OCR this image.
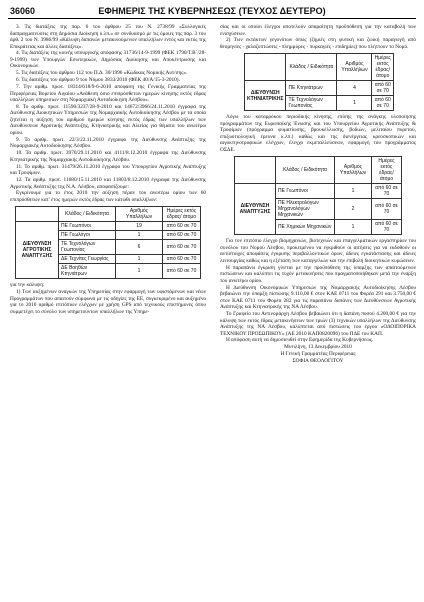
36060	ΕΦΗΜΕΡΙΣ ΤΗΣ ΚΥΒΕΡΝΗΣΕΩΣ (ΤΕΥΧΟΣ ΔΕΥΤΕΡΟ)

3. Τις διατάξεις της παρ. 6 του άρθρου 25 του Ν. 2738/99 «Συλλογικές διαπραγματεύσεις στη Δημόσια Διοίκηση κ.λπ.» σε συνδυασμό με τις όμοιες της παρ. 3 του άρθ. 2 του Ν. 3986/99 «Κάλυψη δαπανών μετακινούμενων υπαλλήλων εντός και εκτός της Επικράτειας και άλλες διατάξεις».

4. Τις διατάξεις της κοινής υπουργικής απόφασης 31736/14-9-1999 (ΦΕΚ 1790/Τ.Β΄/28-9-1999) των Υπουργών Εσωτερικών, Δημόσιας Διοίκησης και Αποκέντρωσης και Οικονομικών.

5. Τις διατάξεις του άρθρου 112 του Π.Δ. 30/1996 «Κώδικας Νομικής Αυτ/σης».

6. Τις διατάξεις του άρθρου 9 του Νόμου 3833/2010 (ΦΕΚ 40/Α/15-3-2010).

7. Την αριθμ. πρωτ. 18314/618/9-6-2010 απόφαση της Γενικής Γραμματείας της Περιφέρειας Βορείου Αιγαίου «Ανάθεση όσιο επιπρόσθετων ημερών κίνησης εκτός έδρας υπαλλήλων υπηρεσιών στη Νομαρχιακή Αυτοδιοίκηση Λέσβου».

8. Το αριθμ. πρωτ. 11590/3237/28-9-2010 και 14672/3966/24.11.2010 έγγραφα της Διεύθυνσης Διοικητικών Υπηρεσιών της Νομαρχιακής Αυτοδιοίκησης Λέσβου με τα οποία ζητείται η αύξηση του αριθμού ημερών κίνησης εκτός έδρας των υπαλλήλων των Διευθύνσεων Αγροτικής Ανάπτυξης, Κτηνιατρικής και Αλιείας για θέματα του ανωτέρω ορίου.

9. Το αριθμ. πρωτ. 22/3/22.11.2010 έγγραφο της Διεύθυνσης Ανάπτυξης της Νομαρχιακής Αυτοδιοίκησης Λέσβου.

10. Τα αριθμ. πρωτ. 3970/29.11.2010 και 4111/8.12.2010 έγγραφα της Διεύθυνσης Κτηνιατρικής της Νομαρχιακής Αυτοδιοίκησης Λέσβου.

11. Το αριθμ. πρωτ. 31479/26.11.2010 έγγραφο του Υπουργείου Αγροτικής Ανάπτυξης και Τροφίμων.

12. Τα αριθμ. πρωτ. 11680/15.11.2010 και 11803/8.12.2010 έγγραφα της Διεύθυνσης Αγροτικής Ανάπτυξης της Ν.Α. Λέσβου, αποφασίζουμε:

Εγκρίνουμε για το έτος 2010 την αύξηση πέραν του ανωτέρω ορίου των 60 επιπρόσθετων κατ' έτος ημερών εκτός έδρας των κάτωθι υπαλλήλων:

	Κλάδος / Ειδικότητα	Αριθμός Υπαλλήλων	Ημέρες εκτός έδρας/ άτομο
ΔΙΕΥΘΥΝΣΗ ΑΓΡΟΤΙΚΗΣ ΑΝΑΠΤΥΞΗΣ	ΠΕ Γεωπόνοι	19	από 60 σε 70
	ΠΕ Γεωλόγοι	1	από 60 σε 70
	ΤΕ Τεχνολόγων Γεωπονίας	6	από 60 σε 70
	ΔΕ Τεχνίτες Γεωργίας	1	από 60 σε 70
	ΔΕ Βοηθών Κτηνιάτρων	1	από 60 σε 70

για την κάλυψη:

1) Των αυξημένων αναγκών της Υπηρεσίας στην εφαρμογή των υφιστάμενων και νέων Προγραμμάτων που απαιτούν σύμφωνα με τις οδηγίες της ΕΕ, συγκεκριμένο και αυξημένο για το 2010 αριθμό επιτόπιων ελέγχων με χρήση GPS από τεχνικούς επιστήμονες όπου συμμετέχει το σύνολο των υπηρετούντων υπαλλήλων της Υπηρε-

σίας και οι οποίοι έλεγχοι αποτελούν απαραίτητη προϋπόθεση για την καταβολή των ενισχύσεων.

2) Των εκτάκτων γεγονότων όπως (ζημιές στη φυτική και ζωική παραγωγή από θεομηνίες - χαλαζοπτώσεις - πλημμύρες - πυρκαγιές - επιδημίες) που πλήττουν το Νομό.

	Κλάδος / Ειδικότητα	Αριθμός Υπαλλήλων	Ημέρες εκτός έδρας/ άτομο
ΔΙΕΥΘΥΝΣΗ ΚΤΗΝΙΑΤΡΙΚΗΣ	ΠΕ Κτηνιάτρων	4	από 60 σε 70
	ΤΕ Τεχνολόγων Γεωπονίας	1	από 60 σε 70

Λόγω του καταρρόκου περιοδικής κίνησης, επίσης της ανάγκης υλοποίησης προγραμμάτων της Ευρωπαϊκής Ένωσης και του Υπουργείου Αγροτικής Ανάπτυξης & Τροφίμων (πρόγραμμα φυματίωσης, βρουκέλλωσης, βοδιών, μελιταίου πυρετού, επιζωοτιολογική έρευνα κ.λπ.) καθώς και της διενέργειας κρεοσκοπικών και αιγοκτηνοτροφικών ελέγχων, έλεγχο εκμεταλλεύσεων, εφαρμογή του προγράμματος ΟΣΔΕ.

	Κλάδος / Ειδικότητα	Αριθμός Υπαλλήλων	Ημέρες εκτός έδρας/ άτομο
ΔΙΕΥΘΥΝΣΗ ΑΝΑΠΤΥΞΗΣ	ΠΕ Γεωπόνοι	1	από 60 σε 70
	ΠΕ Ηλεκτρολόγων Μηχανολόγων Μηχανικών	2	από 60 σε 70
	ΠΕ Χημικών Μηχανικών	1	από 60 σε 70

Για τον επιτόπιο έλεγχο βιομηχανιών, βιοτεχνιών και επαγγελματικών εργαστηρίων του συνόλου του Νομού Λέσβου, προκειμένου να εγκριθούν οι αιτήσεις για να εκδοθούν οι αντίστοιχες αποφάσεις έγκρισης περιβαλλοντικών όρων, άδειες εγκατάστασης και άδειες λειτουργίας καθώς και η εξέταση των καταγγελιών και την επιβολή διοικητικών κυρώσεων.

Η παραπάνω έγκριση γίνεται με την προϋπόθεση της ύπαρξης των απαιτούμενων πιστώσεων και καλύπτει τις τυχόν μετακινήσεις που πραγματοποιήθηκαν μετά την έναρξη του ανωτέρω ορίου.

Η Διεύθυνση Οικονομικών Υπηρεσιών της Νομαρχιακής Αυτοδιοίκησης Λέσβου βεβαιώνει την ύπαρξη πίστωσης 9.110,00 € στον ΚΑΕ 0711 του Φορέα 291 και 3.750,00 € στον ΚΑΕ 0711 του Φορέα 282 για τις παραπάνω δαπάνες των Διευθύνσεων Αγροτικής Ανάπτυξης και Κτηνιατρικής της ΝΑ Λέσβου.

Το Γραφείο του Αντινομάρχη Λέσβου βεβαιώνει ότι η δαπάνη ποσού 4.200,00 € για την κάλυψη των εκτός έδρας μετακινήσεων των τριών (3) τεχνικών υπαλλήλων της Διεύθυνσης Ανάπτυξης της ΝΑ Λέσβου, καλύπτεται από πιστώσεις του έργου «ΟΔΟΙΠΟΡΙΚΑ ΤΕΧΝΙΚΟΥ ΠΡΟΣΩΠΙΚΟΥ» (ΑΕ 2010 ΚΑΠ0820096) του ΠΔΕ του ΚΑΠ.

Η απόφαση αυτή να δημοσιευθεί στην Εφημερίδα της Κυβερνήσεως.

Μυτιλήνη, 13 Δεκεμβρίου 2010
Η Γενική Γραμματέας Περιφέρειας
ΣΟΦΙΑ ΘΕΟΛΟΓΙΤΟΥ
